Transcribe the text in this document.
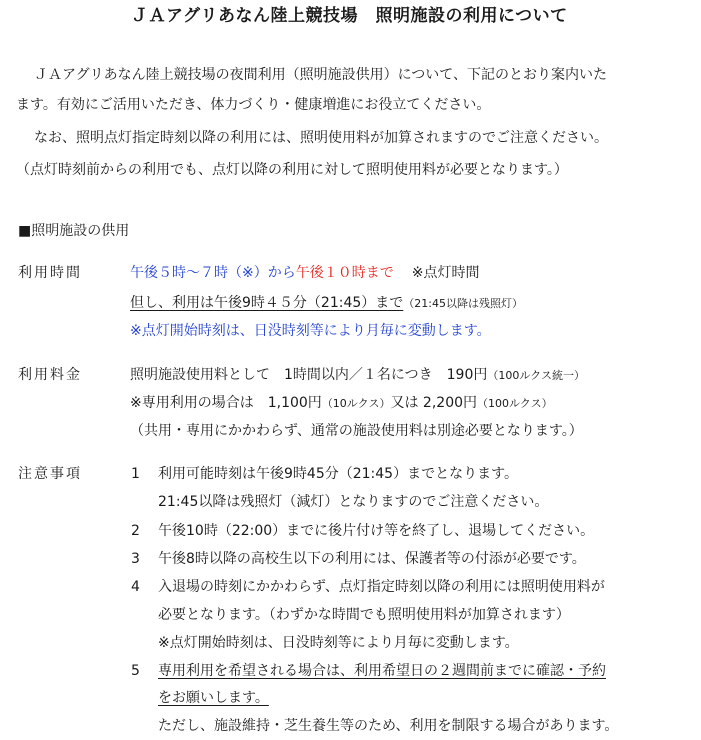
ＪＡアグリあなん陸上競技場　照明施設の利用について
ＪＡアグリあなん陸上競技場の夜間利用（照明施設供用）について、下記のとおり案内いた
ます。有効にご活用いただき、体力づくり・健康増進にお役立てください。
なお、照明点灯指定時刻以降の利用には、照明使用料が加算されますのでご注意ください。
（点灯時刻前からの利用でも、点灯以降の利用に対して照明使用料が必要となります。）
■照明施設の供用
利用時間	午後５時～７時（※）から午後１０時まで ※点灯時間
但し、利用は午後9時４５分（21:45）まで（21:45以降は残照灯）
※点灯開始時刻は、日没時刻等により月毎に変動します。
利用料金	照明施設使用料として　1時間以内／１名につき　190円（100ルクス統一）
※専用利用の場合は　1,100円（10ルクス）又は 2,200円（100ルクス）
（共用・専用にかかわらず、通常の施設使用料は別途必要となります。）
注意事項	1 利用可能時刻は午後9時45分（21:45）までとなります。
21:45以降は残照灯（減灯）となりますのでご注意ください。
2 午後10時（22:00）までに後片付け等を終了し、退場してください。
3 午後8時以降の高校生以下の利用には、保護者等の付添が必要です。
4 入退場の時刻にかかわらず、点灯指定時刻以降の利用には照明使用料が
必要となります。（わずかな時間でも照明使用料が加算されます）
※点灯開始時刻は、日没時刻等により月毎に変動します。
5 専用利用を希望される場合は、利用希望日の２週間前までに確認・予約
をお願いします。
ただし、施設維持・芝生養生等のため、利用を制限する場合があります。
